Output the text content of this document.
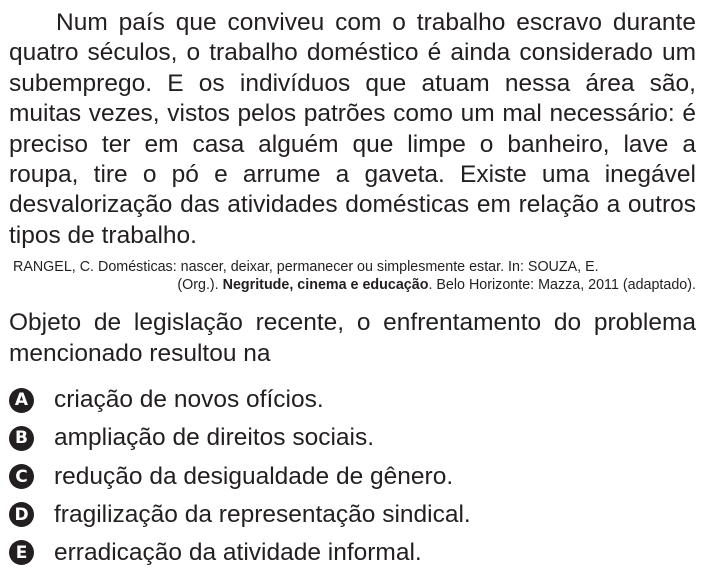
Num país que conviveu com o trabalho escravo durante quatro séculos, o trabalho doméstico é ainda considerado um subemprego. E os indivíduos que atuam nessa área são, muitas vezes, vistos pelos patrões como um mal necessário: é preciso ter em casa alguém que limpe o banheiro, lave a roupa, tire o pó e arrume a gaveta. Existe uma inegável desvalorização das atividades domésticas em relação a outros tipos de trabalho.

RANGEL, C. Domésticas: nascer, deixar, permanecer ou simplesmente estar. In: SOUZA, E.
(Org.). Negritude, cinema e educação. Belo Horizonte: Mazza, 2011 (adaptado).

Objeto de legislação recente, o enfrentamento do problema mencionado resultou na

A criação de novos ofícios.
B ampliação de direitos sociais.
C redução da desigualdade de gênero.
D fragilização da representação sindical.
E erradicação da atividade informal.
